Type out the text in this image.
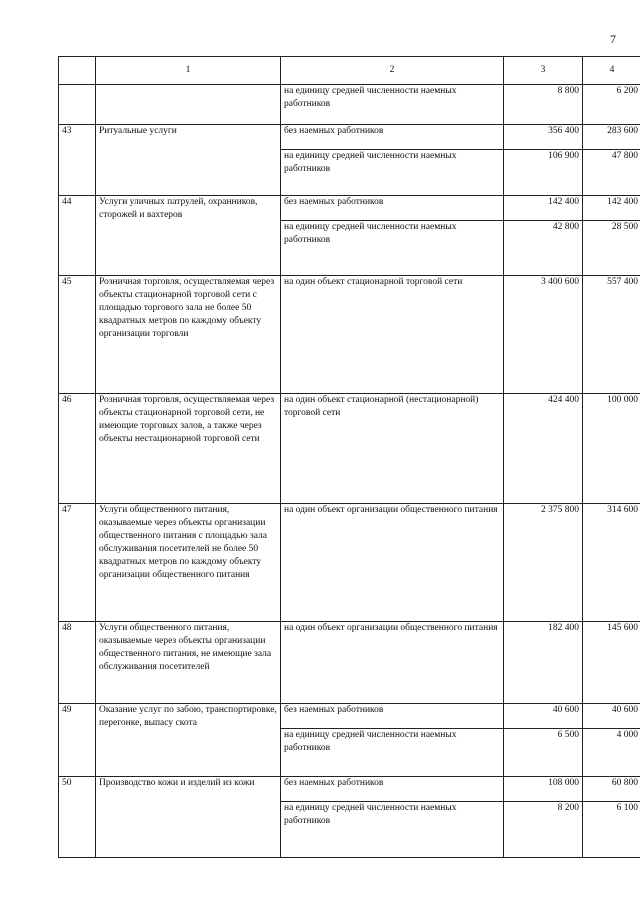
7
	1	2	3	4
		на единицу средней численности наемных работников	8 800	6 200
43	Ритуальные услуги	без наемных работников	356 400	283 600
		на единицу средней численности наемных работников	106 900	47 800
44	Услуги уличных патрулей, охранников, сторожей и вахтеров	без наемных работников	142 400	142 400
		на единицу средней численности наемных работников	42 800	28 500
45	Розничная торговля, осуществляемая через объекты стационарной торговой сети с площадью торгового зала не более 50 квадратных метров по каждому объекту организации торговли	на один объект стационарной торговой сети	3 400 600	557 400
46	Розничная торговля, осуществляемая через объекты стационарной торговой сети, не имеющие торговых залов, а также через объекты нестационарной торговой сети	на один объект стационарной (нестационарной) торговой сети	424 400	100 000
47	Услуги общественного питания, оказываемые через объекты организации общественного питания с площадью зала обслуживания посетителей не более 50 квадратных метров по каждому объекту организации общественного питания	на один объект организации общественного питания	2 375 800	314 600
48	Услуги общественного питания, оказываемые через объекты организации общественного питания, не имеющие зала обслуживания посетителей	на один объект организации общественного питания	182 400	145 600
49	Оказание услуг по забою, транспортировке, перегонке, выпасу скота	без наемных работников	40 600	40 600
		на единицу средней численности наемных работников	6 500	4 000
50	Производство кожи и изделий из кожи	без наемных работников	108 000	60 800
		на единицу средней численности наемных работников	8 200	6 100
